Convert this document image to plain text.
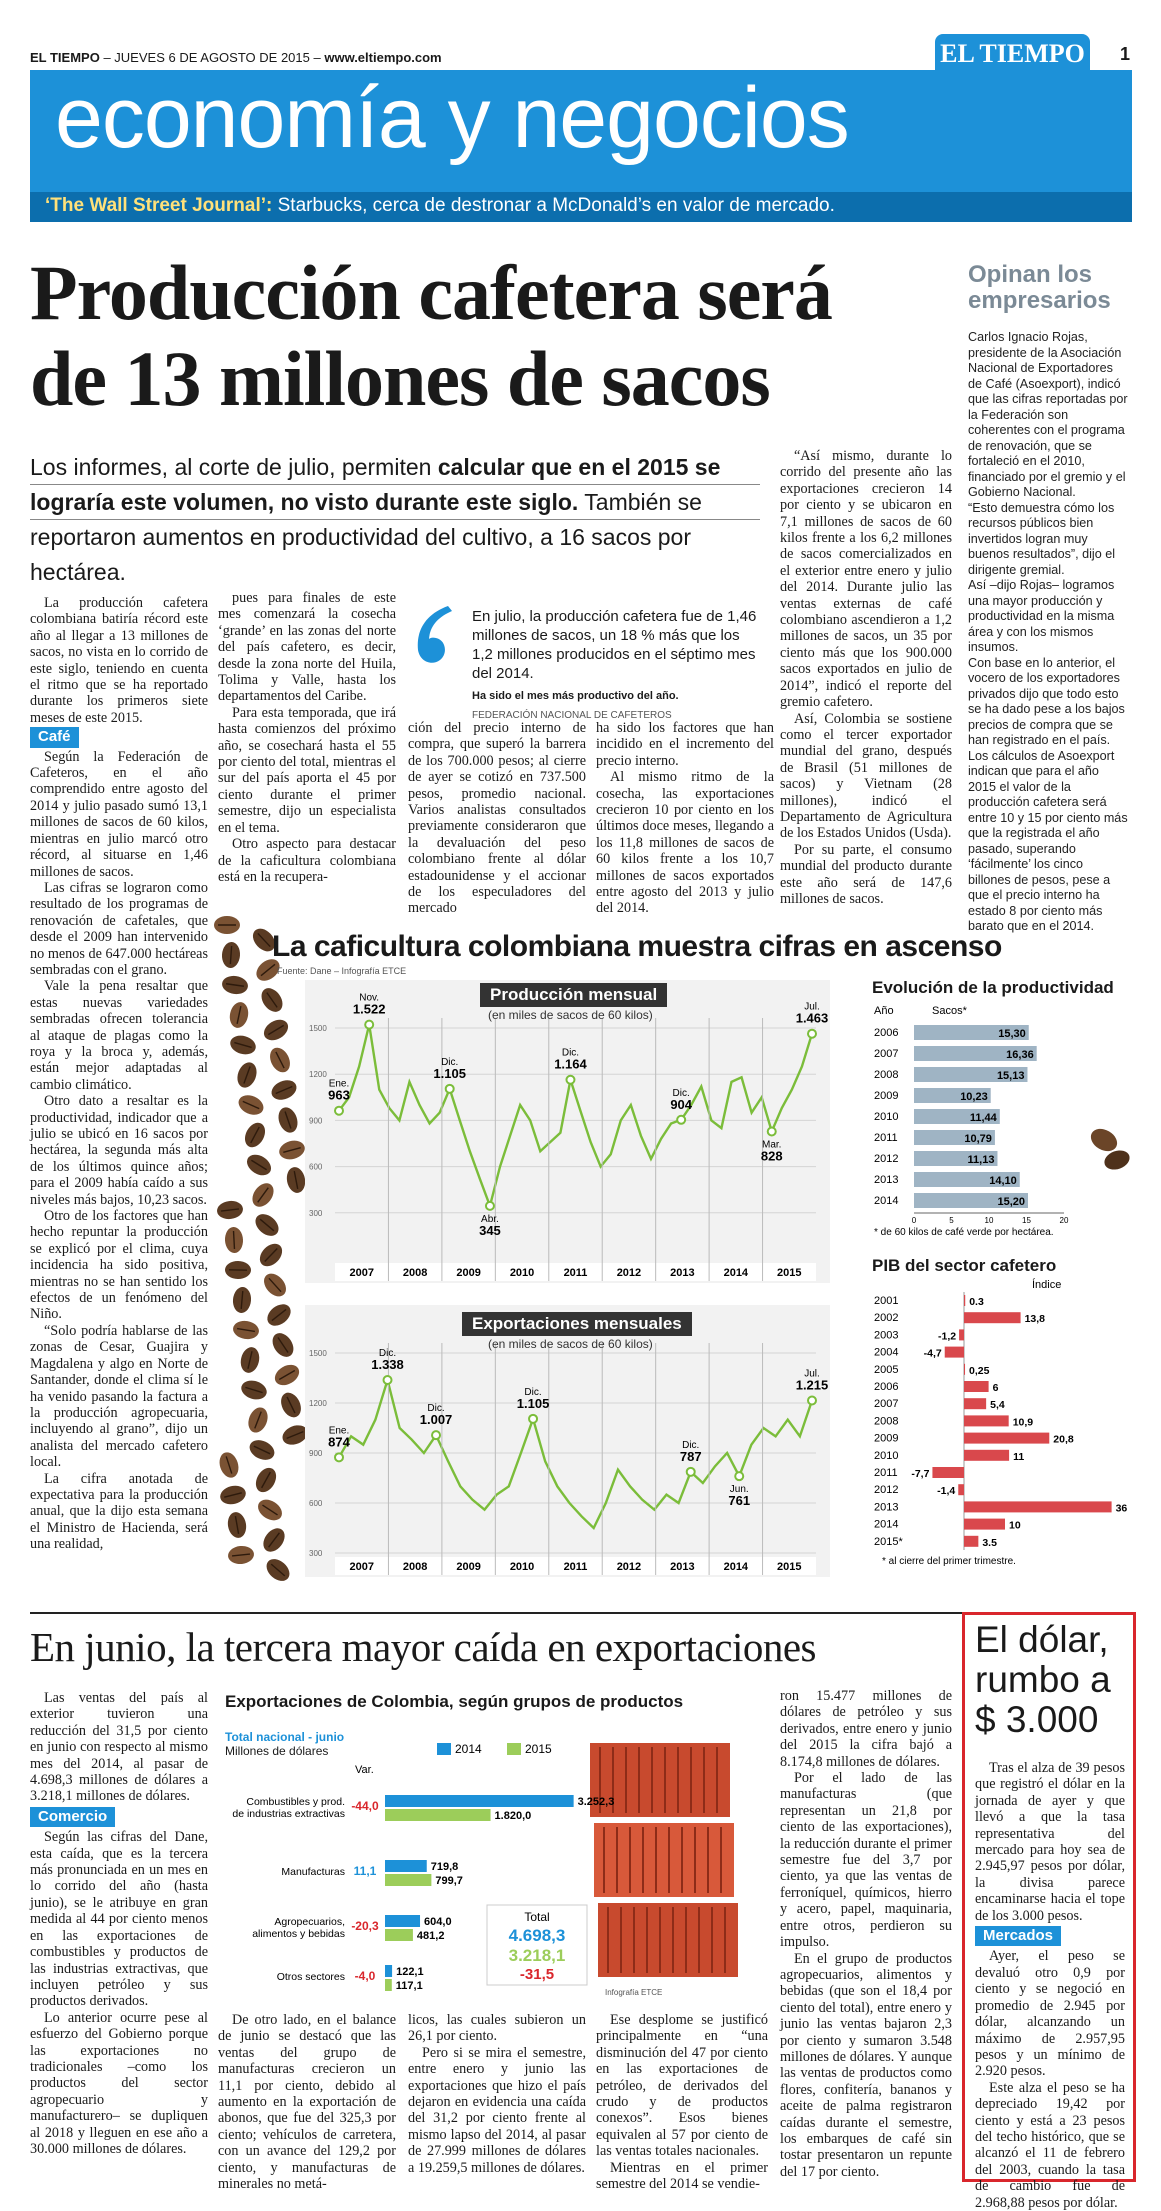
EL TIEMPO – JUEVES 6 DE AGOSTO DE 2015 – www.eltiempo.com	EL TIEMPO 1
economía y negocios
‘The Wall Street Journal’: Starbucks, cerca de destronar a McDonald’s en valor de mercado.
Producción cafetera será
de 13 millones de sacos
Los informes, al corte de julio, permiten calcular que en el 2015 se lograría este volumen, no visto durante este siglo. También se reportaron aumentos en productividad del cultivo, a 16 sacos por hectárea.

La producción cafetera colombiana batiría récord este año al llegar a 13 millones de sacos, no vista en lo corrido de este siglo, teniendo en cuenta el ritmo que se ha reportado durante los primeros siete meses de este 2015.

Café

Según la Federación de Cafeteros, en el año comprendido entre agosto del 2014 y julio pasado sumó 13,1 millones de sacos de 60 kilos, mientras en julio marcó otro récord, al situarse en 1,46 millones de sacos.

Las cifras se lograron como resultado de los programas de renovación de cafetales, que desde el 2009 han intervenido no menos de 647.000 hectáreas sembradas con el grano.

Vale la pena resaltar que estas nuevas variedades sembradas ofrecen tolerancia al ataque de plagas como la roya y la broca y, además, están mejor adaptadas al cambio climático.

Otro dato a resaltar es la productividad, indicador que a julio se ubicó en 16 sacos por hectárea, la segunda más alta de los últimos quince años; para el 2009 había caído a sus niveles más bajos, 10,23 sacos.

Otro de los factores que han hecho repuntar la producción se explicó por el clima, cuya incidencia ha sido positiva, mientras no se han sentido los efectos de un fenómeno del Niño.

“Solo podría hablarse de las zonas de Cesar, Guajira y Magdalena y algo en Norte de Santander, donde el clima sí le ha venido pasando la factura a la producción agropecuaria, incluyendo al grano”, dijo un analista del mercado cafetero local.

La cifra anotada de expectativa para la producción anual, que la dijo esta semana el Ministro de Hacienda, será una realidad,

pues para finales de este mes comenzará la cosecha ‘grande’ en las zonas del norte del país cafetero, es decir, desde la zona norte del Huila, Tolima y Valle, hasta los departamentos del Caribe.

Para esta temporada, que irá hasta comienzos del próximo año, se cosechará hasta el 55 por ciento del total, mientras el sur del país aporta el 45 por ciento durante el primer semestre, dijo un especialista en el tema.

Otro aspecto para destacar de la caficultura colombiana está en la recupera-

En julio, la producción cafetera fue de 1,46 millones de sacos, un 18 % más que los 1,2 millones producidos en el séptimo mes del 2014.
Ha sido el mes más productivo del año.
FEDERACIÓN NACIONAL DE CAFETEROS

ción del precio interno de compra, que superó la barrera de los 700.000 pesos; al cierre de ayer se cotizó en 737.500 pesos, promedio nacional. Varios analistas consultados previamente consideraron que la devaluación del peso colombiano frente al dólar estadounidense y el accionar de los especuladores del mercado

ha sido los factores que han incidido en el incremento del precio interno.

Al mismo ritmo de la cosecha, las exportaciones crecieron 10 por ciento en los últimos doce meses, llegando a los 11,8 millones de sacos de 60 kilos frente a los 10,7 millones de sacos exportados entre agosto del 2013 y julio del 2014.

“Así mismo, durante lo corrido del presente año las exportaciones crecieron 14 por ciento y se ubicaron en 7,1 millones de sacos de 60 kilos frente a los 6,2 millones de sacos comercializados en el exterior entre enero y julio del 2014. Durante julio las ventas externas de café colombiano ascendieron a 1,2 millones de sacos, un 35 por ciento más que los 900.000 sacos exportados en julio de 2014”, indicó el reporte del gremio cafetero.

Así, Colombia se sostiene como el tercer exportador mundial del grano, después de Brasil (51 millones de sacos) y Vietnam (28 millones), indicó el Departamento de Agricultura de los Estados Unidos (Usda).

Por su parte, el consumo mundial del producto durante este año será de 147,6 millones de sacos.

Opinan los empresarios

Carlos Ignacio Rojas, presidente de la Asociación Nacional de Exportadores de Café (Asoexport), indicó que las cifras reportadas por la Federación son coherentes con el programa de renovación, que se fortaleció en el 2010, financiado por el gremio y el Gobierno Nacional.

“Esto demuestra cómo los recursos públicos bien invertidos logran muy buenos resultados”, dijo el dirigente gremial.

Así –dijo Rojas– logramos una mayor producción y productividad en la misma área y con los mismos insumos.

Con base en lo anterior, el vocero de los exportadores privados dijo que todo esto se ha dado pese a los bajos precios de compra que se han registrado en el país.

Los cálculos de Asoexport indican que para el año 2015 el valor de la producción cafetera será entre 10 y 15 por ciento más que la registrada el año pasado, superando ‘fácilmente’ los cinco billones de pesos, pese a que el precio interno ha estado 8 por ciento más barato que en el 2014.

La caficultura colombiana muestra cifras en ascenso
Fuente: Dane – Infografía ETCE
1500
1200
900
600
300
2007	2008	2009	2010	2011	2012	2013	2014	2015
Ene.
963
Nov.
1.522
Dic.
1.105
Abr.
345
Dic.
1.164
Dic.
904
Mar.
828
Jul.
1.463
Producción mensual
(en miles de sacos de 60 kilos)
1500
1200
900
600
300
2007	2008	2009	2010	2011	2012	2013	2014	2015
Ene.
874
Dic.
1.338
Dic.
1.007
Dic.
1.105
Dic.
787
Jun.
761
Jul.
1.215
Exportaciones mensuales
(en miles de sacos de 60 kilos)
Evolución de la productividad
Año	Sacos*
2006	15,30
2007	16,36
2008	15,13
2009	10,23
2010	11,44
2011	10,79
2012	11,13
2013	14,10
2014	15,20
0	5	10	15	20
* de 60 kilos de café verde por hectárea.
PIB del sector cafetero
Índice
2001	0.3
2002	13,8
2003	-1,2
2004 -4,7
2005	0,25
2006	6
2007	5,4
2008	10,9
2009	20,8
2010	11
2011 -7,7
2012	-1,4
2013	36
2014	10
2015*	3.5
* al cierre del primer trimestre.
En junio, la tercera mayor caída en exportaciones

Las ventas del país al exterior tuvieron una reducción del 31,5 por ciento en junio con respecto al mismo mes del 2014, al pasar de 4.698,3 millones de dólares a 3.218,1 millones de dólares.

Comercio

Según las cifras del Dane, esta caída, que es la tercera más pronunciada en un mes en lo corrido del año (hasta junio), se le atribuye en gran medida al 44 por ciento menos en las exportaciones de combustibles y productos de las industrias extractivas, que incluyen petróleo y sus productos derivados.

Lo anterior ocurre pese al esfuerzo del Gobierno porque las exportaciones no tradicionales –como los productos del sector agropecuario y manufacturero– se dupliquen al 2018 y lleguen en ese año a 30.000 millones de dólares.

Exportaciones de Colombia, según grupos de productos
Total nacional - junio
Millones de dólares	2014	2015
Var.
Combustibles y prod.
de industrias extractivas
-44,0	3.252,3
1.820,0
Manufacturas 11,1	719,8
799,7
Agropecuarios,
alimentos y bebidas
-20,3	604,0
481,2
Otros sectores -4,0 122,1
117,1
Total
4.698,3
3.218,1
-31,5
Infografía ETCE

De otro lado, en el balance de junio se destacó que las ventas del grupo de manufacturas crecieron un 11,1 por ciento, debido al aumento en la exportación de abonos, que fue del 325,3 por ciento; vehículos de carretera, con un avance del 129,2 por ciento, y manufacturas de minerales no metá-

licos, las cuales subieron un 26,1 por ciento.

Pero si se mira el semestre, entre enero y junio las exportaciones que hizo el país dejaron en evidencia una caída del 31,2 por ciento frente al mismo lapso del 2014, al pasar de 27.999 millones de dólares a 19.259,5 millones de dólares.

Ese desplome se justificó principalmente en “una disminución del 47 por ciento en las exportaciones de petróleo, de derivados del crudo y de productos conexos”. Esos bienes equivalen al 57 por ciento de las ventas totales nacionales.

Mientras en el primer semestre del 2014 se vendie-

ron 15.477 millones de dólares de petróleo y sus derivados, entre enero y junio del 2015 la cifra bajó a 8.174,8 millones de dólares.

Por el lado de las manufacturas (que representan un 21,8 por ciento de las exportaciones), la reducción durante el primer semestre fue del 3,7 por ciento, ya que las ventas de ferroníquel, químicos, hierro y acero, papel, maquinaria, entre otros, perdieron su impulso.

En el grupo de productos agropecuarios, alimentos y bebidas (que son el 18,4 por ciento del total), entre enero y junio las ventas bajaron 2,3 por ciento y sumaron 3.548 millones de dólares. Y aunque las ventas de productos como flores, confitería, bananos y aceite de palma registraron caídas durante el semestre, los embarques de café sin tostar presentaron un repunte del 17 por ciento.

El dólar, rumbo a $ 3.000

Tras el alza de 39 pesos que registró el dólar en la jornada de ayer y que llevó a que la tasa representativa del mercado para hoy sea de 2.945,97 pesos por dólar, la divisa parece encaminarse hacia el tope de los 3.000 pesos.

Mercados

Ayer, el peso se devaluó otro 0,9 por ciento y se negoció en promedio de 2.945 por dólar, alcanzando un máximo de 2.957,95 pesos y un mínimo de 2.920 pesos.

Este alza el peso se ha depreciado 19,42 por ciento y está a 23 pesos del techo histórico, que se alcanzó el 11 de febrero del 2003, cuando la tasa de cambio fue de 2.968,88 pesos por dólar.
